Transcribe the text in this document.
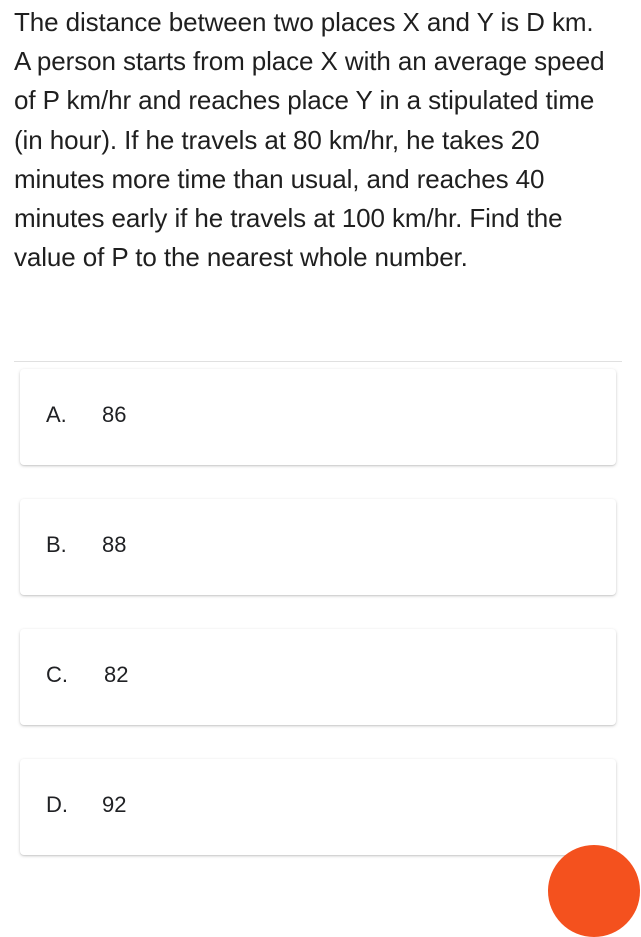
The distance between two places X and Y is D km. A person starts from place X with an average speed of P km/hr and reaches place Y in a stipulated time (in hour). If he travels at 80 km/hr, he takes 20 minutes more time than usual, and reaches 40 minutes early if he travels at 100 km/hr. Find the value of P to the nearest whole number.
A. 86
B. 88
C. 82
D. 92
